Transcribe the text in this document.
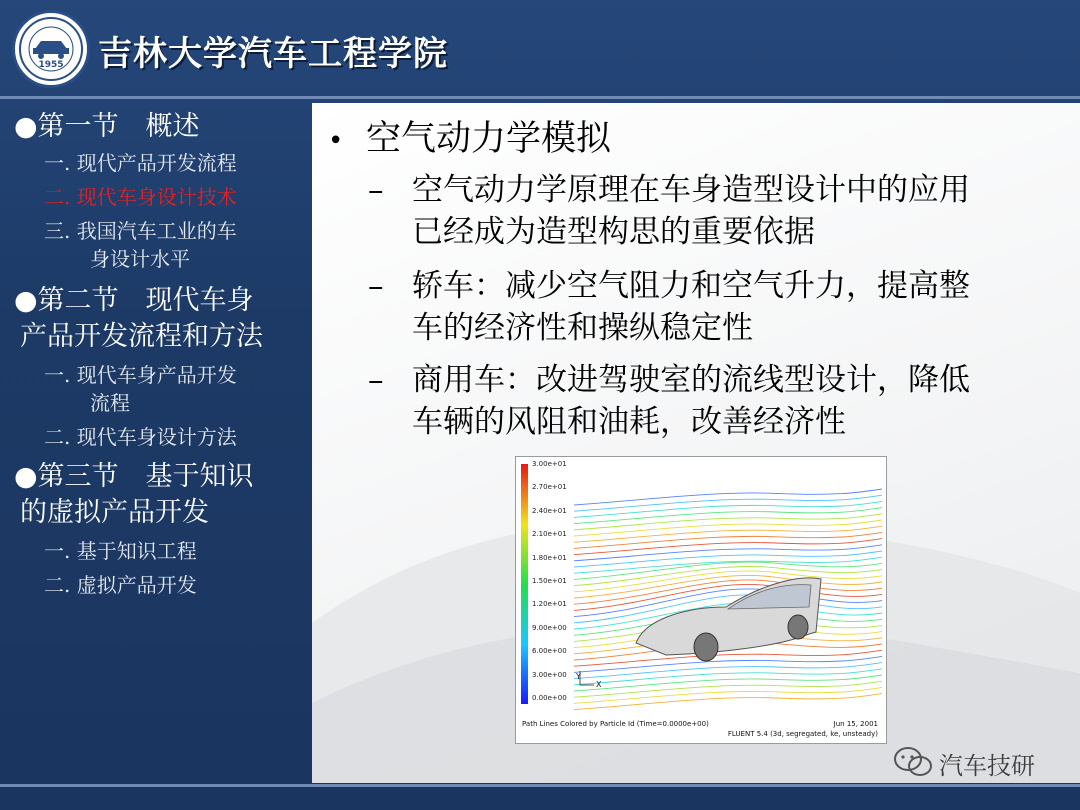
1955	吉林大学汽车工程学院
●第一节　概述
一. 现代产品开发流程
二. 现代车身设计技术
三. 我国汽车工业的车
身设计水平
●第二节　现代车身
产品开发流程和方法
一. 现代车身产品开发
流程
二. 现代车身设计方法
●第三节　基于知识
的虚拟产品开发
一. 基于知识工程
二. 虚拟产品开发
• 空气动力学模拟
– 空气动力学原理在车身造型设计中的应用
已经成为造型构思的重要依据
– 轿车：减少空气阻力和空气升力，提高整
车的经济性和操纵稳定性
– 商用车：改进驾驶室的流线型设计，降低
车辆的风阻和油耗，改善经济性
Y
X
3.00e+01
2.70e+01
2.40e+01
2.10e+01
1.80e+01
1.50e+01
1.20e+01
9.00e+00
6.00e+00
3.00e+00
0.00e+00
Path Lines Colored by Particle Id (Time=0.0000e+00)	Jun 15, 2001
FLUENT 5.4 (3d, segregated, ke, unsteady)
汽车技研
